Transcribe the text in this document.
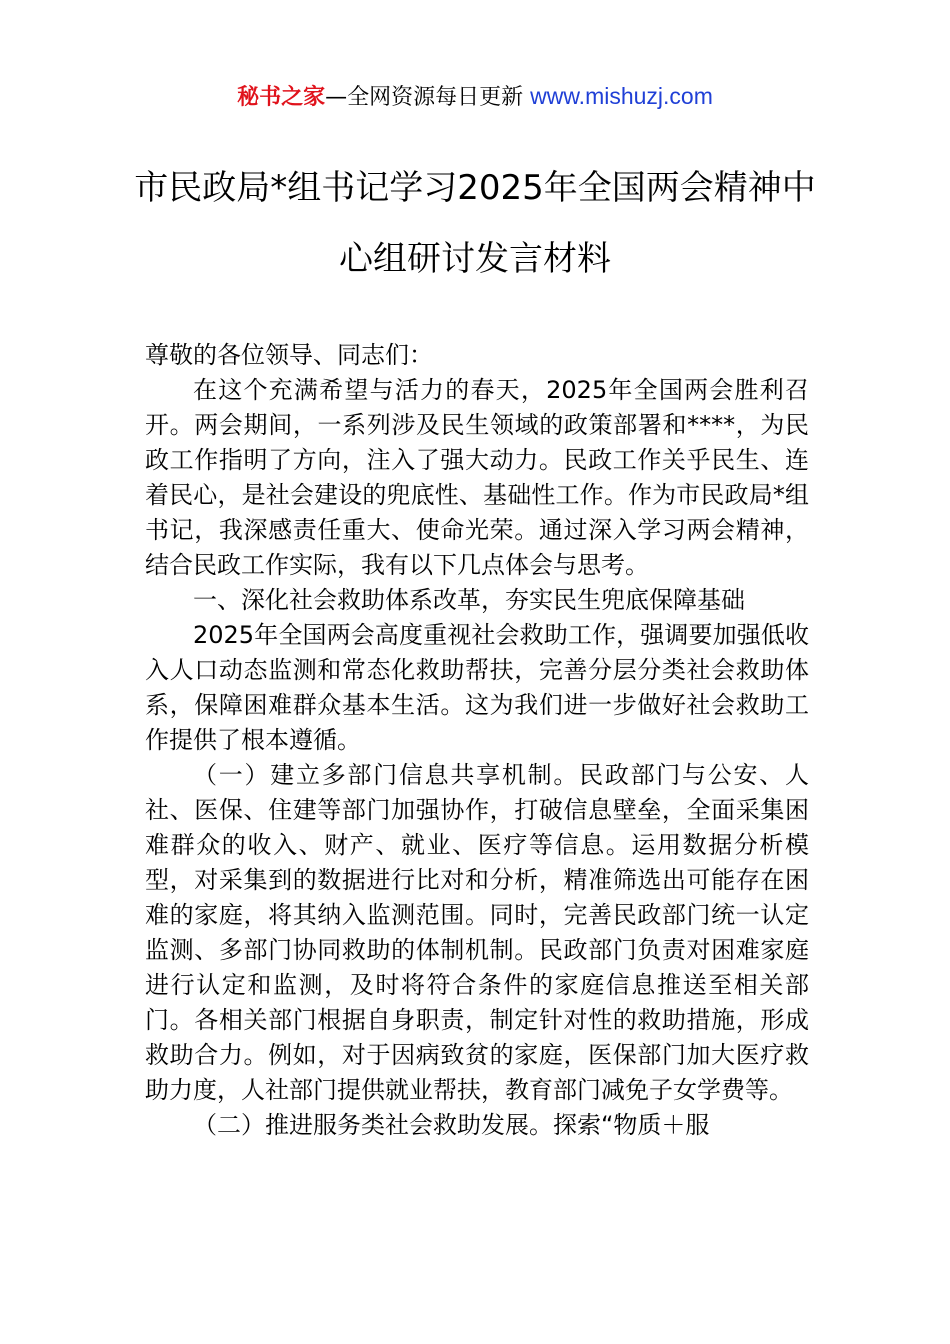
秘书之家—全网资源每日更新 www.mishuzj.com
市民政局*组书记学习2025年全国两会精神中心组研讨发言材料

尊敬的各位领导、同志们：

在这个充满希望与活力的春天，2025年全国两会胜利召开。两会期间，一系列涉及民生领域的政策部署和****，为民政工作指明了方向，注入了强大动力。民政工作关乎民生、连着民心，是社会建设的兜底性、基础性工作。作为市民政局*组书记，我深感责任重大、使命光荣。通过深入学习两会精神，结合民政工作实际，我有以下几点体会与思考。

一、深化社会救助体系改革，夯实民生兜底保障基础

2025年全国两会高度重视社会救助工作，强调要加强低收入人口动态监测和常态化救助帮扶，完善分层分类社会救助体系，保障困难群众基本生活。这为我们进一步做好社会救助工作提供了根本遵循。

（一）建立多部门信息共享机制。民政部门与公安、人社、医保、住建等部门加强协作，打破信息壁垒，全面采集困难群众的收入、财产、就业、医疗等信息。运用数据分析模型，对采集到的数据进行比对和分析，精准筛选出可能存在困难的家庭，将其纳入监测范围。同时，完善民政部门统一认定监测、多部门协同救助的体制机制。民政部门负责对困难家庭进行认定和监测，及时将符合条件的家庭信息推送至相关部门。各相关部门根据自身职责，制定针对性的救助措施，形成救助合力。例如，对于因病致贫的家庭，医保部门加大医疗救助力度，人社部门提供就业帮扶，教育部门减免子女学费等。

（二）推进服务类社会救助发展。探索“物质＋服
